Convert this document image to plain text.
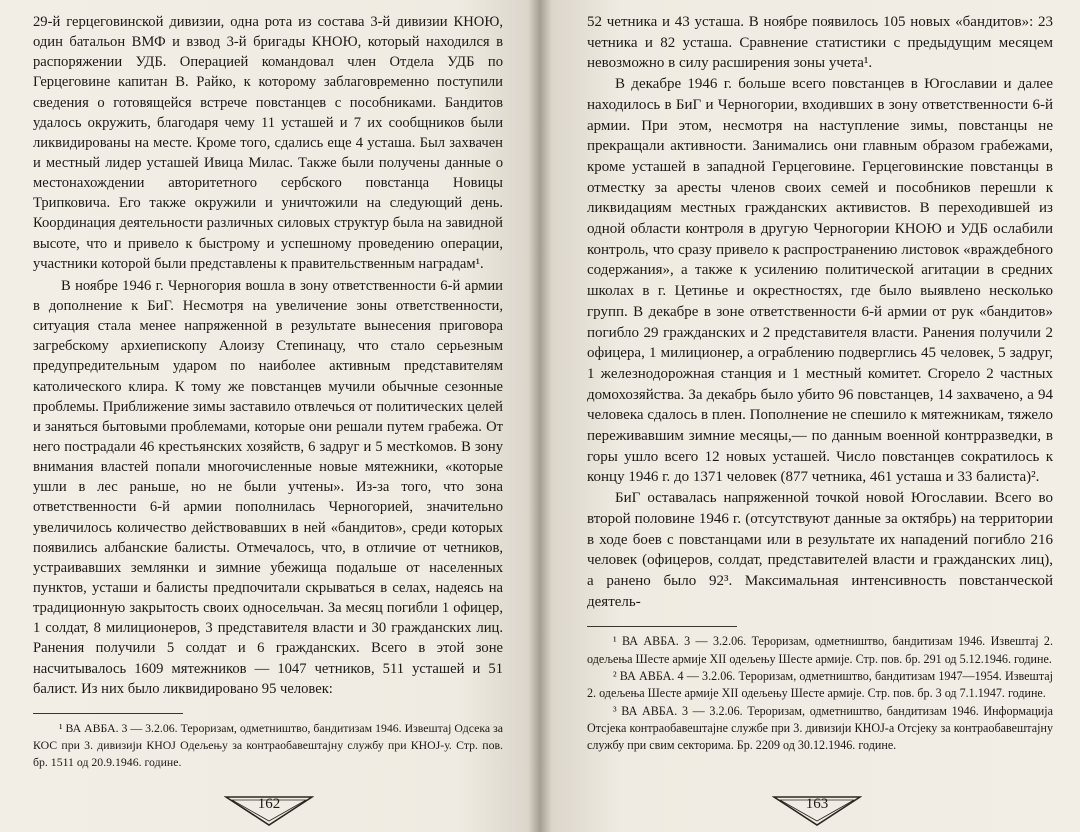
29-й герцеговинской дивизии, одна рота из состава 3-й дивизии КНОЮ, один батальон ВМФ и взвод 3-й бригады КНОЮ, который находился в распоряжении УДБ. Операцией командовал член Отдела УДБ по Герцеговине капитан В. Райко, к которому заблаговременно поступили сведения о готовящейся встрече повстанцев с пособниками. Бандитов удалось окружить, благодаря чему 11 усташей и 7 их сообщников были ликвидированы на месте. Кроме того, сдались еще 4 усташа. Был захвачен и местный лидер усташей Ивица Милас. Также были получены данные о местонахождении авторитетного сербского повстанца Новицы Трипковича. Его также окружили и уничтожили на следующий день. Координация деятельности различных силовых структур была на завидной высоте, что и привело к быстрому и успешному проведению операции, участники которой были представлены к правительственным наградам¹.

В ноябре 1946 г. Черногория вошла в зону ответственности 6-й армии в дополнение к БиГ. Несмотря на увеличение зоны ответственности, ситуация стала менее напряженной в результате вынесения приговора загребскому архиепископу Алоизу Степинацу, что стало серьезным предупредительным ударом по наиболее активным представителям католического клира. К тому же повстанцев мучили обычные сезонные проблемы. Приближение зимы заставило отвлечься от политических целей и заняться бытовыми проблемами, которые они решали путем грабежа. От него пострадали 46 крестьянских хозяйств, 6 задруг и 5 местkомов. В зону внимания властей попали многочисленные новые мятежники, «которые ушли в лес раньше, но не были учтены». Из-за того, что зона ответственности 6-й армии пополнилась Черногорией, значительно увеличилось количество действовавших в ней «бандитов», среди которых появились албанские балисты. Отмечалось, что, в отличие от четников, устраивавших землянки и зимние убежища подальше от населенных пунктов, усташи и балисты предпочитали скрываться в селах, надеясь на традиционную закрытость своих односельчан. За месяц погибли 1 офицер, 1 солдат, 8 милиционеров, 3 представителя власти и 30 гражданских лиц. Ранения получили 5 солдат и 6 гражданских. Всего в этой зоне насчитывалось 1609 мятежников — 1047 четников, 511 усташей и 51 балист. Из них было ликвидировано 95 человек:

¹ ВА АВБА. 3 — 3.2.06. Тероризам, одметништво, бандитизам 1946. Извештај Одсека за КОС при 3. дивизији КНОЈ Одељењу за контраобавештајну службу при КНОЈ-у. Стр. пов. бр. 1511 од 20.9.1946. године.

162

52 четника и 43 усташа. В ноябре появилось 105 новых «бандитов»: 23 четника и 82 усташа. Сравнение статистики с предыдущим месяцем невозможно в силу расширения зоны учета¹.

В декабре 1946 г. больше всего повстанцев в Югославии и далее находилось в БиГ и Черногории, входивших в зону ответственности 6-й армии. При этом, несмотря на наступление зимы, повстанцы не прекращали активности. Занимались они главным образом грабежами, кроме усташей в западной Герцеговине. Герцеговинские повстанцы в отместку за аресты членов своих семей и пособников перешли к ликвидациям местных гражданских активистов. В переходившей из одной области контроля в другую Черногории КНОЮ и УДБ ослабили контроль, что сразу привело к распространению листовок «враждебного содержания», а также к усилению политической агитации в средних школах в г. Цетинье и окрестностях, где было выявлено несколько групп. В декабре в зоне ответственности 6-й армии от рук «бандитов» погибло 29 гражданских и 2 представителя власти. Ранения получили 2 офицера, 1 милиционер, а ограблению подверглись 45 человек, 5 задруг, 1 железнодорожная станция и 1 местный комитет. Сгорело 2 частных домохозяйства. За декабрь было убито 96 повстанцев, 14 захвачено, а 94 человека сдалось в плен. Пополнение не спешило к мятежникам, тяжело переживавшим зимние месяцы,— по данным военной контрразведки, в горы ушло всего 12 новых усташей. Число повстанцев сократилось к концу 1946 г. до 1371 человек (877 четника, 461 усташа и 33 балиста)².

БиГ оставалась напряженной точкой новой Югославии. Всего во второй половине 1946 г. (отсутствуют данные за октябрь) на территории в ходе боев с повстанцами или в результате их нападений погибло 216 человек (офицеров, солдат, представителей власти и гражданских лиц), а ранено было 92³. Максимальная интенсивность повстанческой деятель-

¹ ВА АВБА. 3 — 3.2.06. Тероризам, одметништво, бандитизам 1946. Извештај 2. одељења Шесте армије XII одељењу Шесте армије. Стр. пов. бр. 291 од 5.12.1946. године.

² ВА АВБА. 4 — 3.2.06. Тероризам, одметништво, бандитизам 1947—1954. Извештај 2. одељења Шесте армије XII одељењу Шесте армије. Стр. пов. бр. 3 од 7.1.1947. године.

³ ВА АВБА. 3 — 3.2.06. Тероризам, одметништво, бандитизам 1946. Информација Отсјека контраобавештајне службе при 3. дивизији КНОЈ-а Отсјеку за контраобавештајну службу при свим секторима. Бр. 2209 од 30.12.1946. године.

163
